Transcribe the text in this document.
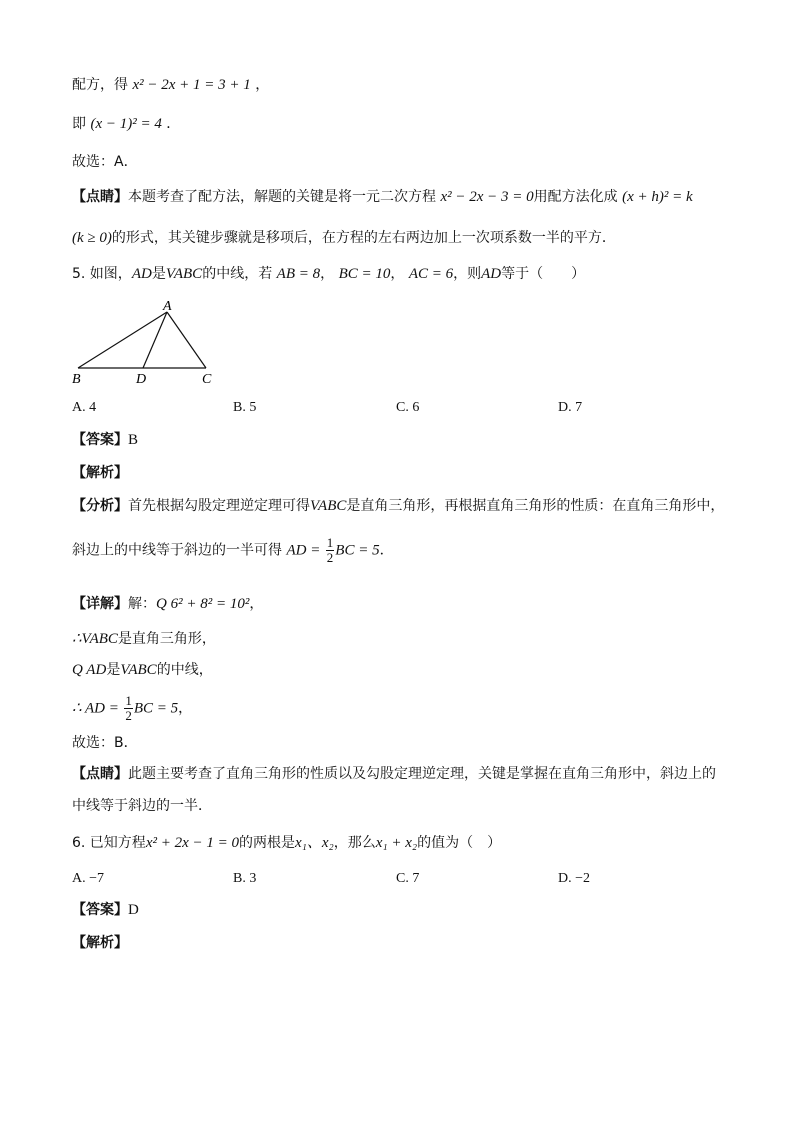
配方，得 x² − 2x + 1 = 3 + 1 ，
即 (x − 1)² = 4 ．
故选：A．
【点睛】本题考查了配方法，解题的关键是将一元二次方程 x² − 2x − 3 = 0用配方法化成 (x + h)² = k
(k ≥ 0)的形式，其关键步骤就是移项后，在方程的左右两边加上一次项系数一半的平方．
5. 如图，AD是VABC的中线，若 AB = 8， BC = 10， AC = 6，则AD等于（　　）
A
B	D	C
A. 4	B. 5	C. 6	D. 7
【答案】B
【解析】
【分析】首先根据勾股定理逆定理可得VABC是直角三角形，再根据直角三角形的性质：在直角三角形中，
斜边上的中线等于斜边的一半可得 AD = $\frac{1}{2}$ BC = 5．
【详解】解：Q 6² + 8² = 10²，
∴VABC是直角三角形，
Q AD是VABC的中线，
∴ AD = $\frac{1}{2}$ BC = 5，
故选：B．
【点睛】此题主要考查了直角三角形的性质以及勾股定理逆定理，关键是掌握在直角三角形中，斜边上的
中线等于斜边的一半．
6. 已知方程x² + 2x − 1 = 0的两根是x₁、x₂，那么x₁ + x₂的值为（　）
A. −7	B. 3	C. 7	D. −2
【答案】D
【解析】
